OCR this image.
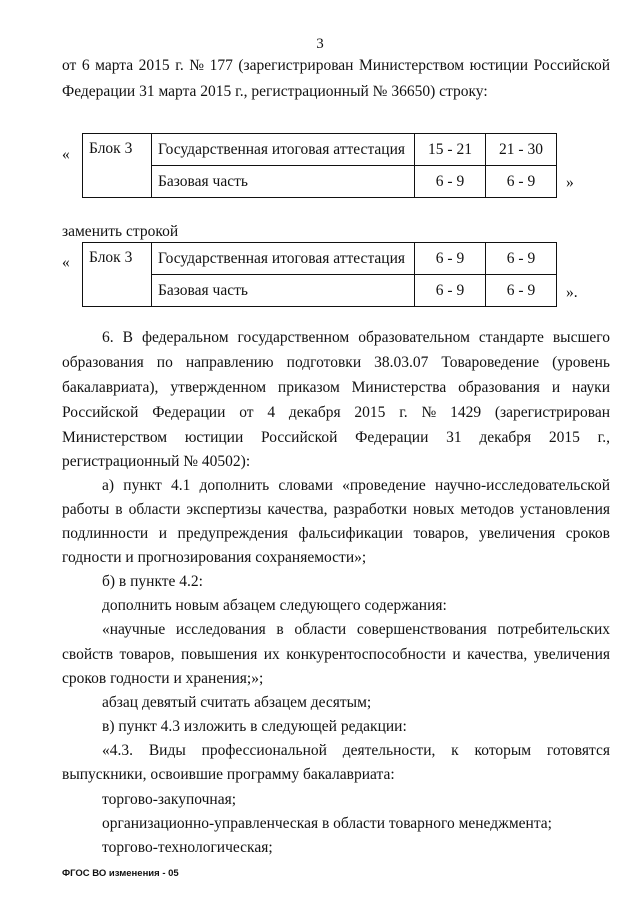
3
от 6 марта 2015 г. № 177 (зарегистрирован Министерством юстиции Российской
Федерации 31 марта 2015 г., регистрационный № 36650) строку:
« Блок 3	Государственная итоговая аттестация	15 - 21	21 - 30
	Базовая часть	6 - 9	6 - 9 »
заменить строкой
« Блок 3	Государственная итоговая аттестация	6 - 9	6 - 9
	Базовая часть	6 - 9	6 - 9 ».
6. В федеральном государственном образовательном стандарте высшего
образования по направлению подготовки 38.03.07 Товароведение (уровень
бакалавриата), утвержденном приказом Министерства образования и науки
Российской Федерации от 4 декабря 2015 г. № 1429 (зарегистрирован
Министерством юстиции Российской Федерации 31 декабря 2015 г.,
регистрационный № 40502):
а) пункт 4.1 дополнить словами «проведение научно-исследовательской
работы в области экспертизы качества, разработки новых методов установления
подлинности и предупреждения фальсификации товаров, увеличения сроков
годности и прогнозирования сохраняемости»;
б) в пункте 4.2:
дополнить новым абзацем следующего содержания:
«научные исследования в области совершенствования потребительских
свойств товаров, повышения их конкурентоспособности и качества, увеличения
сроков годности и хранения;»;
абзац девятый считать абзацем десятым;
в) пункт 4.3 изложить в следующей редакции:
«4.3. Виды профессиональной деятельности, к которым готовятся
выпускники, освоившие программу бакалавриата:
торгово-закупочная;
организационно-управленческая в области товарного менеджмента;
торгово-технологическая;
ФГОС ВО изменения - 05
